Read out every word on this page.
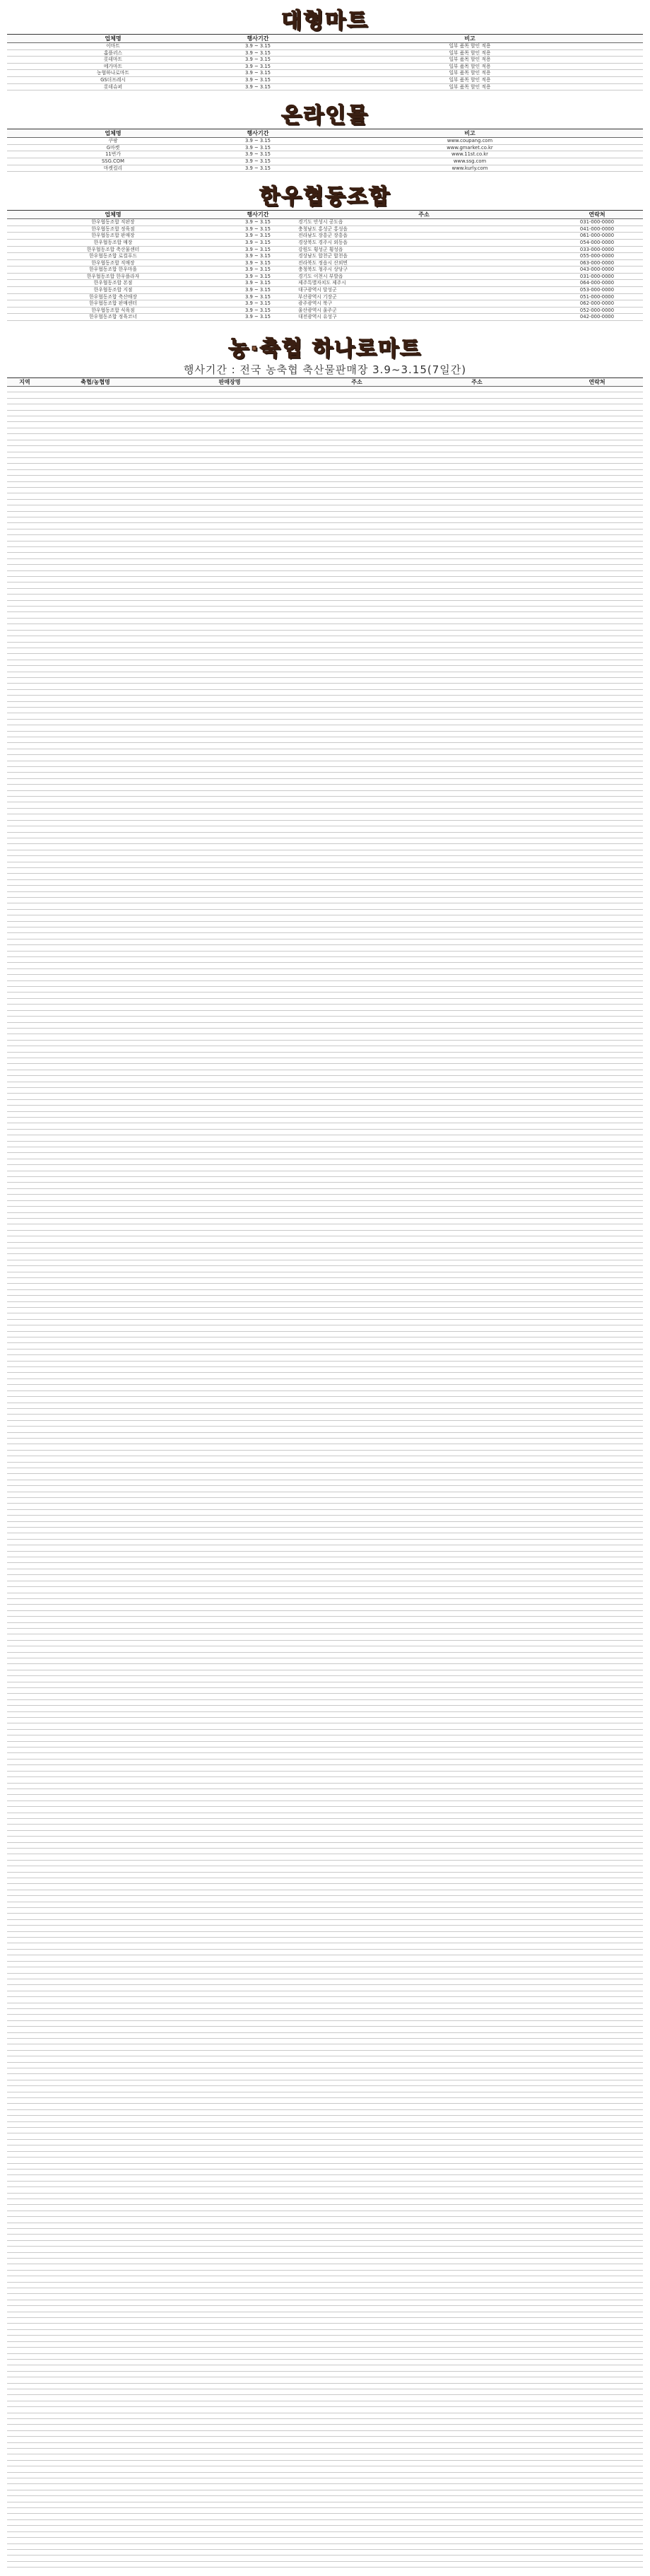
대형마트
업체명	행사기간	비고
이마트	3.9 ~ 3.15	일부 품목 할인 적용
홈플러스	3.9 ~ 3.15	일부 품목 할인 적용
롯데마트	3.9 ~ 3.15	일부 품목 할인 적용
메가마트	3.9 ~ 3.15	일부 품목 할인 적용
농협하나로마트	3.9 ~ 3.15	일부 품목 할인 적용
GS더프레시	3.9 ~ 3.15	일부 품목 할인 적용
롯데슈퍼	3.9 ~ 3.15	일부 품목 할인 적용
온라인몰
업체명	행사기간	비고
쿠팡	3.9 ~ 3.15	www.coupang.com
G마켓	3.9 ~ 3.15	www.gmarket.co.kr
11번가	3.9 ~ 3.15	www.11st.co.kr
SSG.COM	3.9 ~ 3.15	www.ssg.com
마켓컬리	3.9 ~ 3.15	www.kurly.com
한우협동조합
업체명	행사기간	주소	연락처
한우협동조합 직판장	3.9 ~ 3.15	경기도 안성시 공도읍	031-000-0000
한우협동조합 정육점	3.9 ~ 3.15	충청남도 홍성군 홍성읍	041-000-0000
한우협동조합 판매장	3.9 ~ 3.15	전라남도 장흥군 장흥읍	061-000-0000
한우협동조합 매장	3.9 ~ 3.15	경상북도 경주시 외동읍	054-000-0000
한우협동조합 축산물센터	3.9 ~ 3.15	강원도 횡성군 횡성읍	033-000-0000
한우협동조합 로컬푸드	3.9 ~ 3.15	경상남도 합천군 합천읍	055-000-0000
한우협동조합 직매장	3.9 ~ 3.15	전라북도 정읍시 산외면	063-000-0000
한우협동조합 한우마을	3.9 ~ 3.15	충청북도 청주시 상당구	043-000-0000
한우협동조합 한우플라자	3.9 ~ 3.15	경기도 이천시 부발읍	031-000-0000
한우협동조합 본점	3.9 ~ 3.15	제주특별자치도 제주시	064-000-0000
한우협동조합 지점	3.9 ~ 3.15	대구광역시 달성군	053-000-0000
한우협동조합 축산매장	3.9 ~ 3.15	부산광역시 기장군	051-000-0000
한우협동조합 판매센터	3.9 ~ 3.15	광주광역시 북구	062-000-0000
한우협동조합 식육점	3.9 ~ 3.15	울산광역시 울주군	052-000-0000
한우협동조합 정육코너	3.9 ~ 3.15	대전광역시 유성구	042-000-0000
농·축협 하나로마트
행사기간 : 전국 농축협 축산물판매장 3.9~3.15(7일간)
지역	축협/농협명	판매장명	주소	주소	연락처
